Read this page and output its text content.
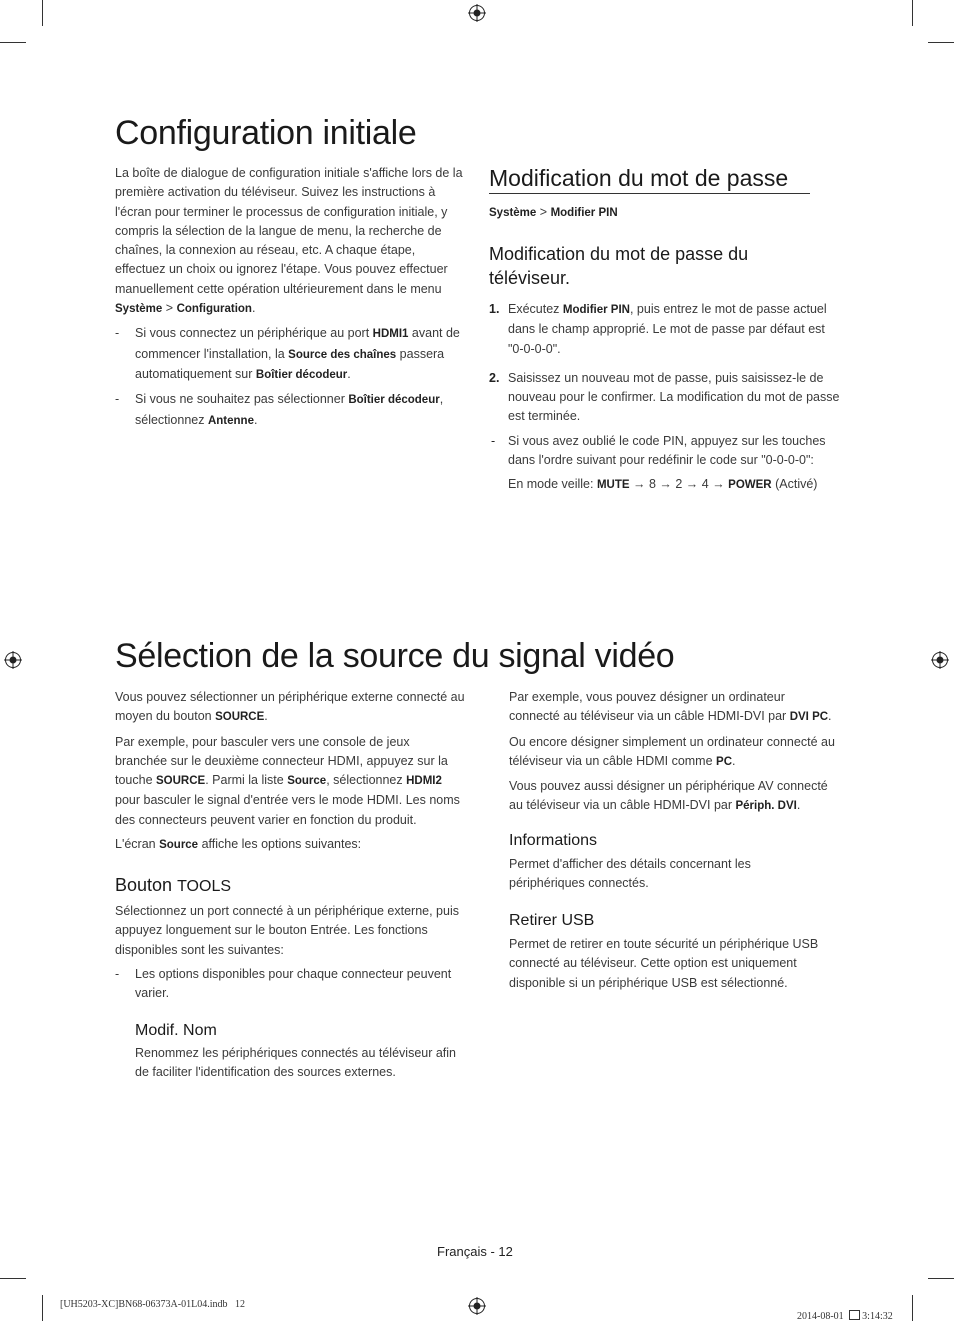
Configuration initiale

La boîte de dialogue de configuration initiale s'affiche lors de la première activation du téléviseur. Suivez les instructions à l'écran pour terminer le processus de configuration initiale, y compris la sélection de la langue de menu, la recherche de chaînes, la connexion au réseau, etc. A chaque étape, effectuez un choix ou ignorez l'étape. Vous pouvez effectuer manuellement cette opération ultérieurement dans le menu Système > Configuration.

- Si vous connectez un périphérique au port HDMI1 avant de commencer l'installation, la Source des chaînes passera automatiquement sur Boîtier décodeur.

- Si vous ne souhaitez pas sélectionner Boîtier décodeur, sélectionnez Antenne.

Modification du mot de passe
Système > Modifier PIN
Modification du mot de passe du téléviseur.
1. Exécutez Modifier PIN, puis entrez le mot de passe actuel dans le champ approprié. Le mot de passe par défaut est "0-0-0-0".

2. Saisissez un nouveau mot de passe, puis saisissez-le de nouveau pour le confirmer. La modification du mot de passe est terminée.

- Si vous avez oublié le code PIN, appuyez sur les touches dans l'ordre suivant pour redéfinir le code sur "0-0-0-0":

En mode veille: MUTE → 8 → 2 → 4 → POWER (Activé)

Sélection de la source du signal vidéo

Vous pouvez sélectionner un périphérique externe connecté au moyen du bouton SOURCE.

Par exemple, pour basculer vers une console de jeux branchée sur le deuxième connecteur HDMI, appuyez sur la touche SOURCE. Parmi la liste Source, sélectionnez HDMI2 pour basculer le signal d'entrée vers le mode HDMI. Les noms des connecteurs peuvent varier en fonction du produit.

L'écran Source affiche les options suivantes:

Bouton TOOLS

Sélectionnez un port connecté à un périphérique externe, puis appuyez longuement sur le bouton Entrée. Les fonctions disponibles sont les suivantes:

- Les options disponibles pour chaque connecteur peuvent varier.

Modif. Nom
Renommez les périphériques connectés au téléviseur afin de faciliter l'identification des sources externes.

Par exemple, vous pouvez désigner un ordinateur connecté au téléviseur via un câble HDMI-DVI par DVI PC.

Ou encore désigner simplement un ordinateur connecté au téléviseur via un câble HDMI comme PC.

Vous pouvez aussi désigner un périphérique AV connecté au téléviseur via un câble HDMI-DVI par Périph. DVI.

Informations
Permet d'afficher des détails concernant les périphériques connectés.
Retirer USB
Permet de retirer en toute sécurité un périphérique USB connecté au téléviseur. Cette option est uniquement disponible si un périphérique USB est sélectionné.
Français - 12
[UH5203-XC]BN68-06373A-01L04.indb   12

2014-08-01 3:14:32
